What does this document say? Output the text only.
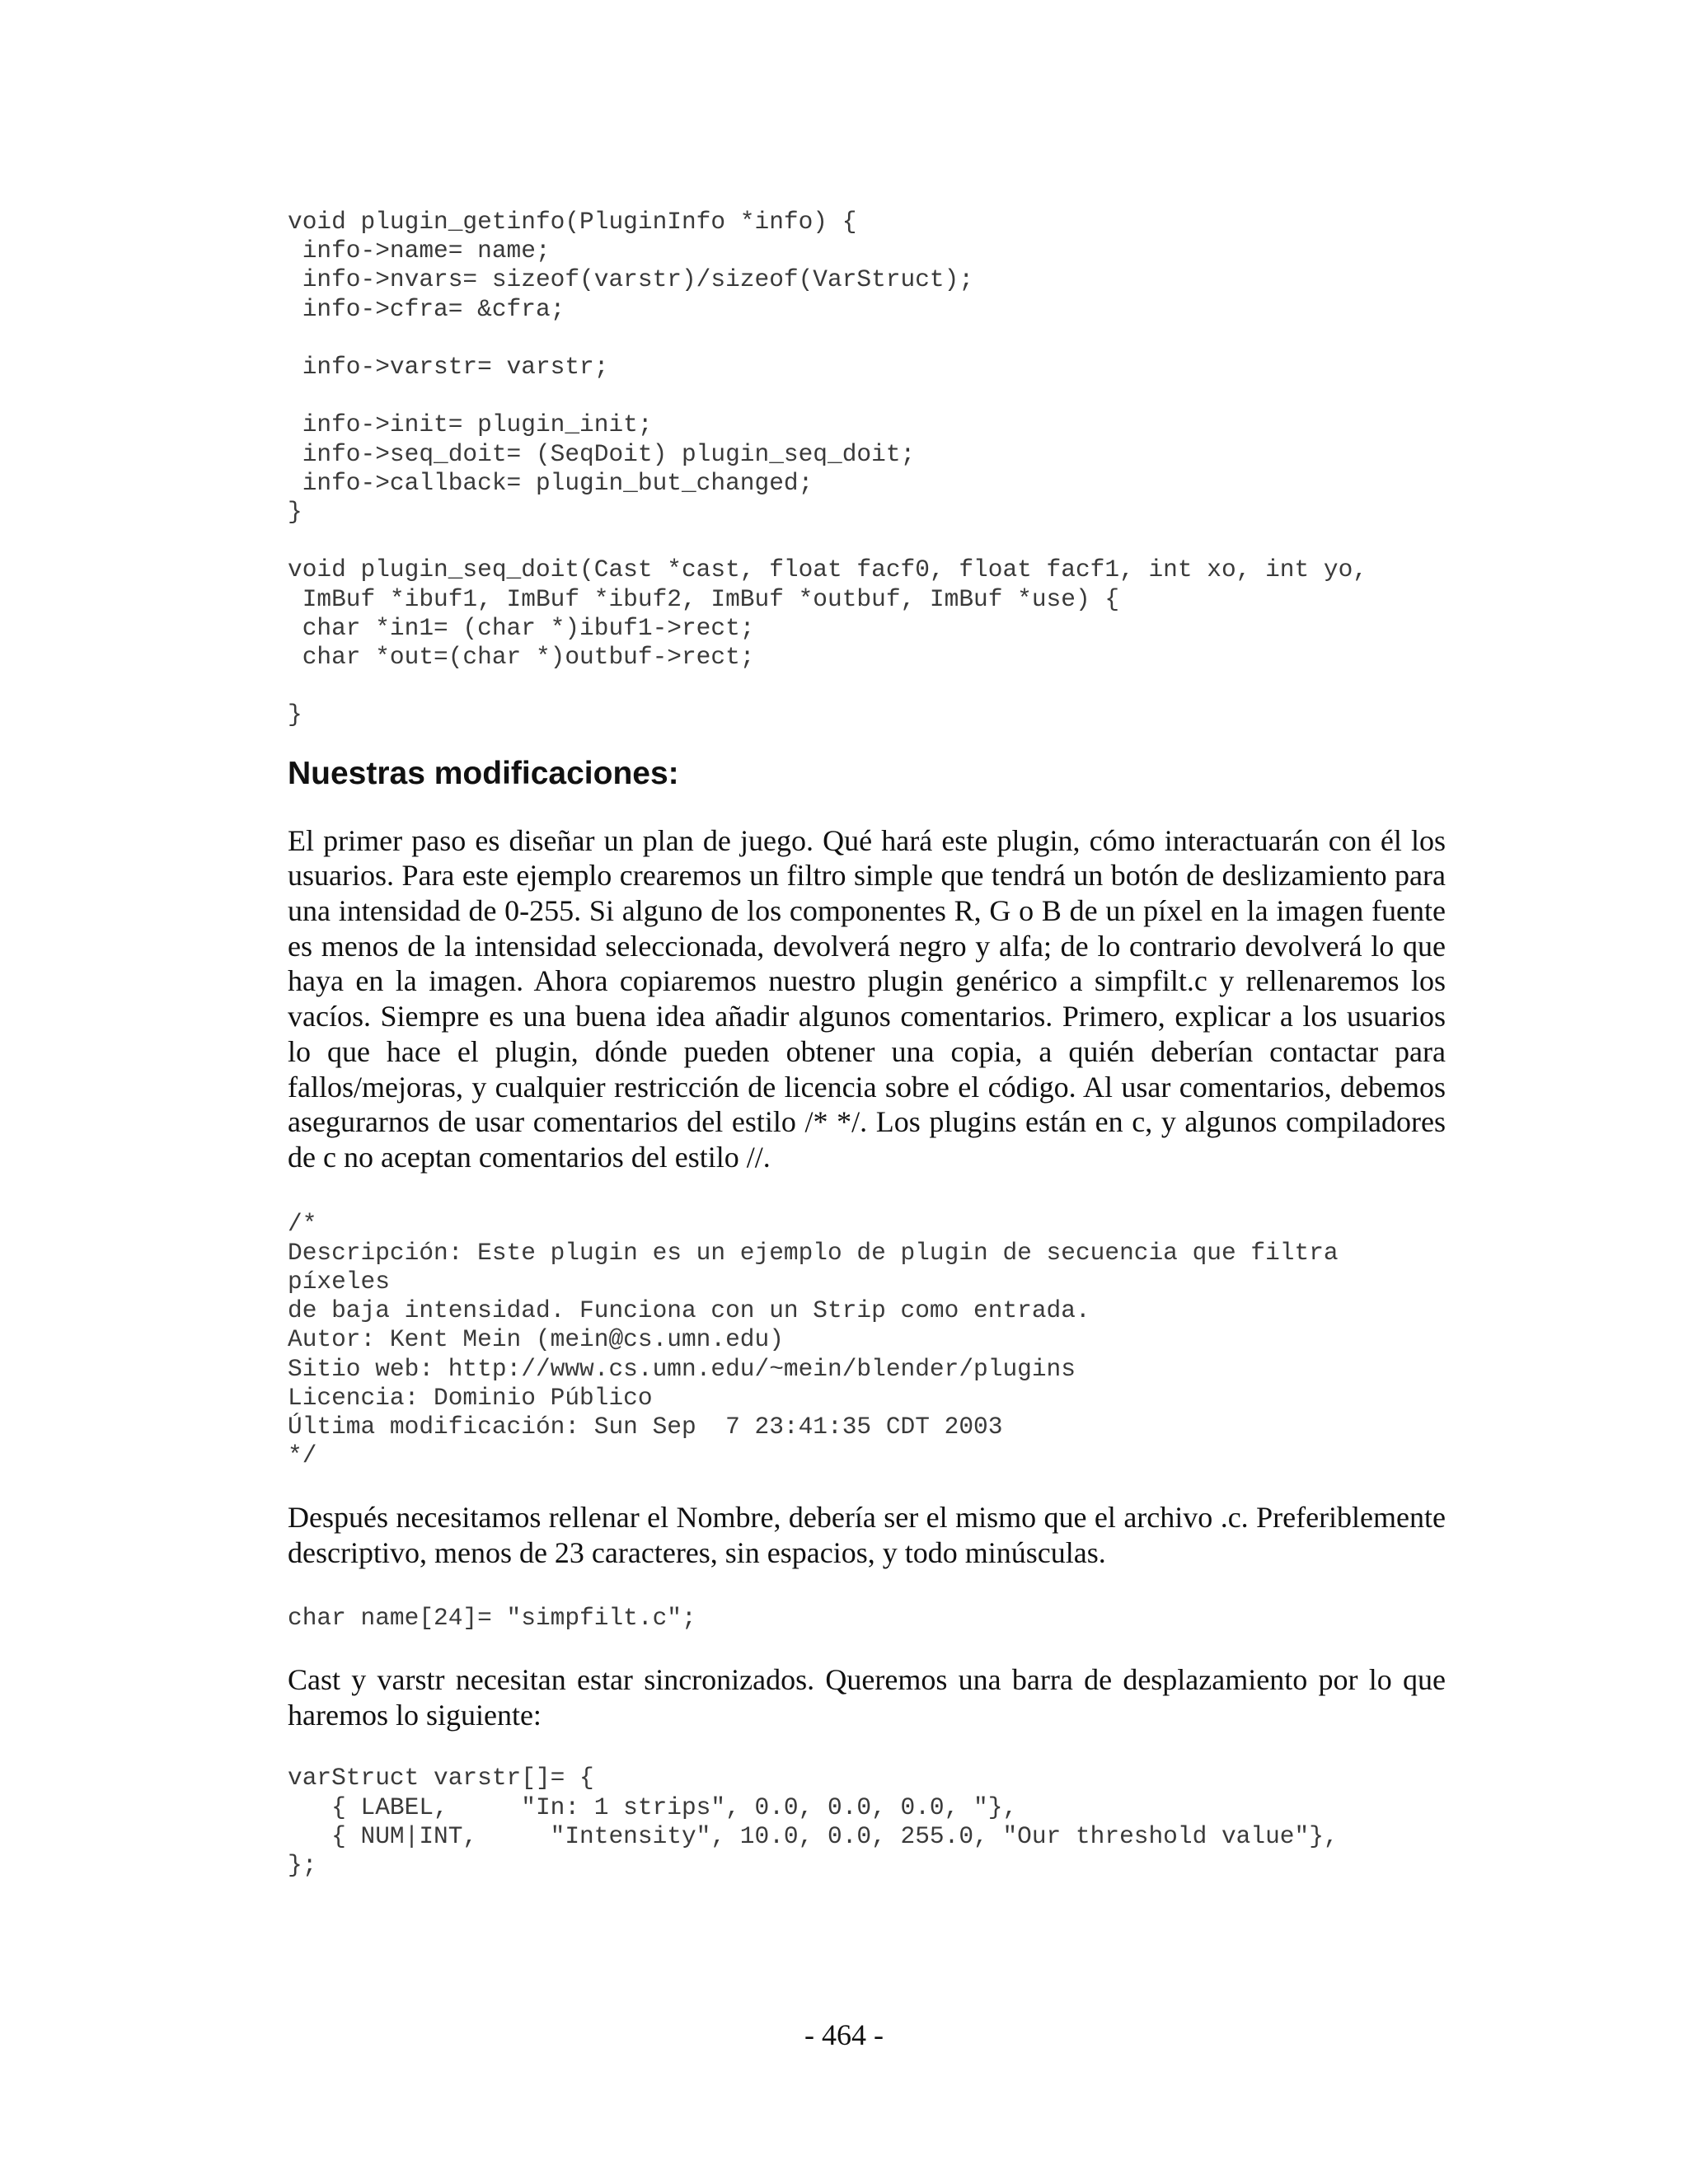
void plugin_getinfo(PluginInfo *info) {
info->name= name;
info->nvars= sizeof(varstr)/sizeof(VarStruct);
info->cfra= &cfra;
info->varstr= varstr;
info->init= plugin_init;
info->seq_doit= (SeqDoit) plugin_seq_doit;
info->callback= plugin_but_changed;
}
void plugin_seq_doit(Cast *cast, float facf0, float facf1, int xo, int yo,
ImBuf *ibuf1, ImBuf *ibuf2, ImBuf *outbuf, ImBuf *use) {
char *in1= (char *)ibuf1->rect;
char *out=(char *)outbuf->rect;
}
Nuestras modificaciones:

El primer paso es diseñar un plan de juego. Qué hará este plugin, cómo interactuarán con él los usuarios. Para este ejemplo crearemos un filtro simple que tendrá un botón de deslizamiento para una intensidad de 0-255. Si alguno de los componentes R, G o B de un píxel en la imagen fuente es menos de la intensidad seleccionada, devolverá negro y alfa; de lo contrario devolverá lo que haya en la imagen. Ahora copiaremos nuestro plugin genérico a simpfilt.c y rellenaremos los vacíos. Siempre es una buena idea añadir algunos comentarios. Primero, explicar a los usuarios lo que hace el plugin, dónde pueden obtener una copia, a quién deberían contactar para fallos/mejoras, y cualquier restricción de licencia sobre el código. Al usar comentarios, debemos asegurarnos de usar comentarios del estilo /* */. Los plugins están en c, y algunos compiladores de c no aceptan comentarios del estilo //.

/*
Descripción: Este plugin es un ejemplo de plugin de secuencia que filtra
píxeles
de baja intensidad. Funciona con un Strip como entrada.
Autor: Kent Mein (mein@cs.umn.edu)
Sitio web: http://www.cs.umn.edu/~mein/blender/plugins
Licencia: Dominio Público
Última modificación: Sun Sep  7 23:41:35 CDT 2003
*/

Después necesitamos rellenar el Nombre, debería ser el mismo que el archivo .c. Preferiblemente descriptivo, menos de 23 caracteres, sin espacios, y todo minúsculas.

char name[24]= "simpfilt.c";

Cast y varstr necesitan estar sincronizados. Queremos una barra de desplazamiento por lo que haremos lo siguiente:

varStruct varstr[]= {
{ LABEL,     "In: 1 strips", 0.0, 0.0, 0.0, "},
{ NUM|INT,     "Intensity", 10.0, 0.0, 255.0, "Our threshold value"},
};
- 464 -
